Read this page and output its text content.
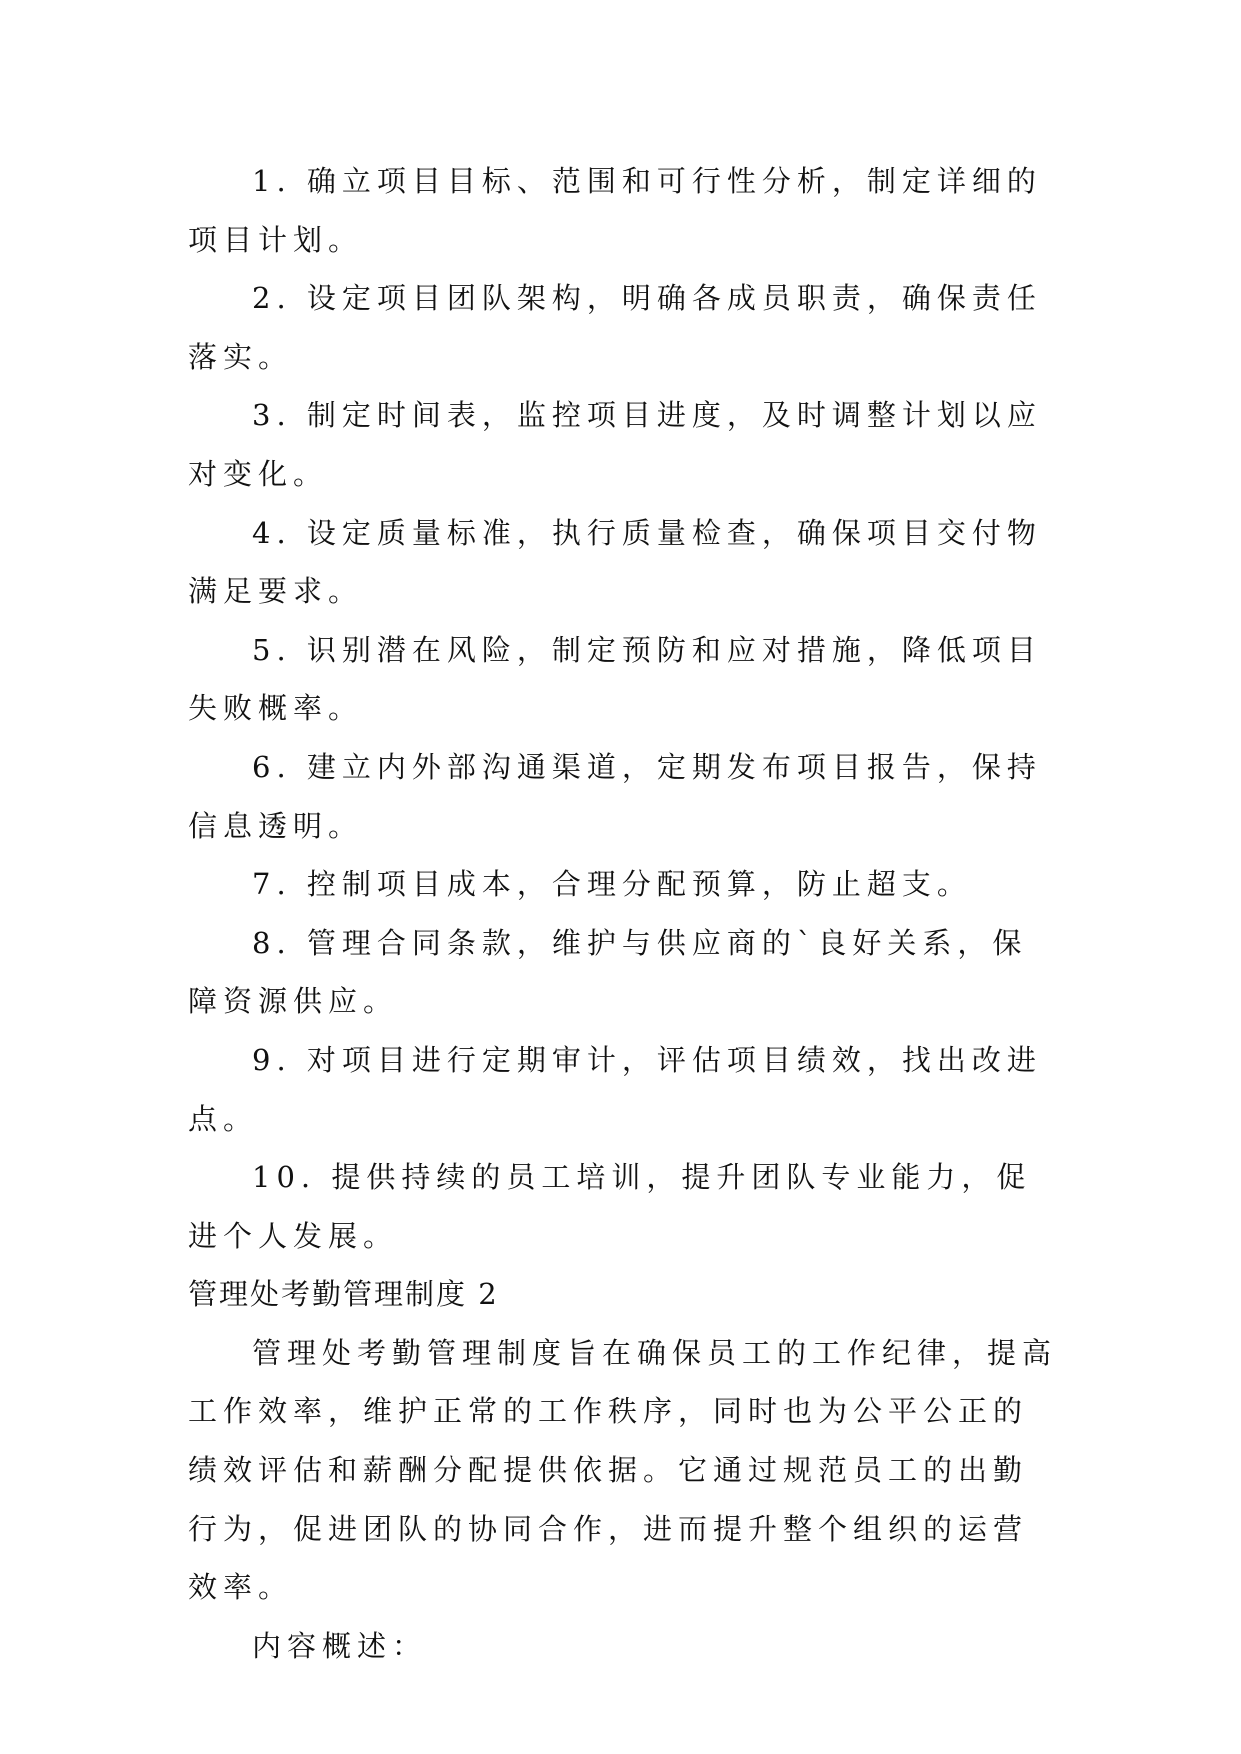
1. 确立项目目标、范围和可行性分析，制定详细的项目计划。

2. 设定项目团队架构，明确各成员职责，确保责任落实。

3. 制定时间表，监控项目进度，及时调整计划以应对变化。

4. 设定质量标准，执行质量检查，确保项目交付物满足要求。

5. 识别潜在风险，制定预防和应对措施，降低项目失败概率。

6. 建立内外部沟通渠道，定期发布项目报告，保持信息透明。

7. 控制项目成本，合理分配预算，防止超支。

8. 管理合同条款，维护与供应商的`良好关系，保障资源供应。

9. 对项目进行定期审计，评估项目绩效，找出改进点。

10. 提供持续的员工培训，提升团队专业能力，促进个人发展。

管理处考勤管理制度 2

管理处考勤管理制度旨在确保员工的工作纪律，提高工作效率，维护正常的工作秩序，同时也为公平公正的绩效评估和薪酬分配提供依据。它通过规范员工的出勤行为，促进团队的协同合作，进而提升整个组织的运营效率。

内容概述：
